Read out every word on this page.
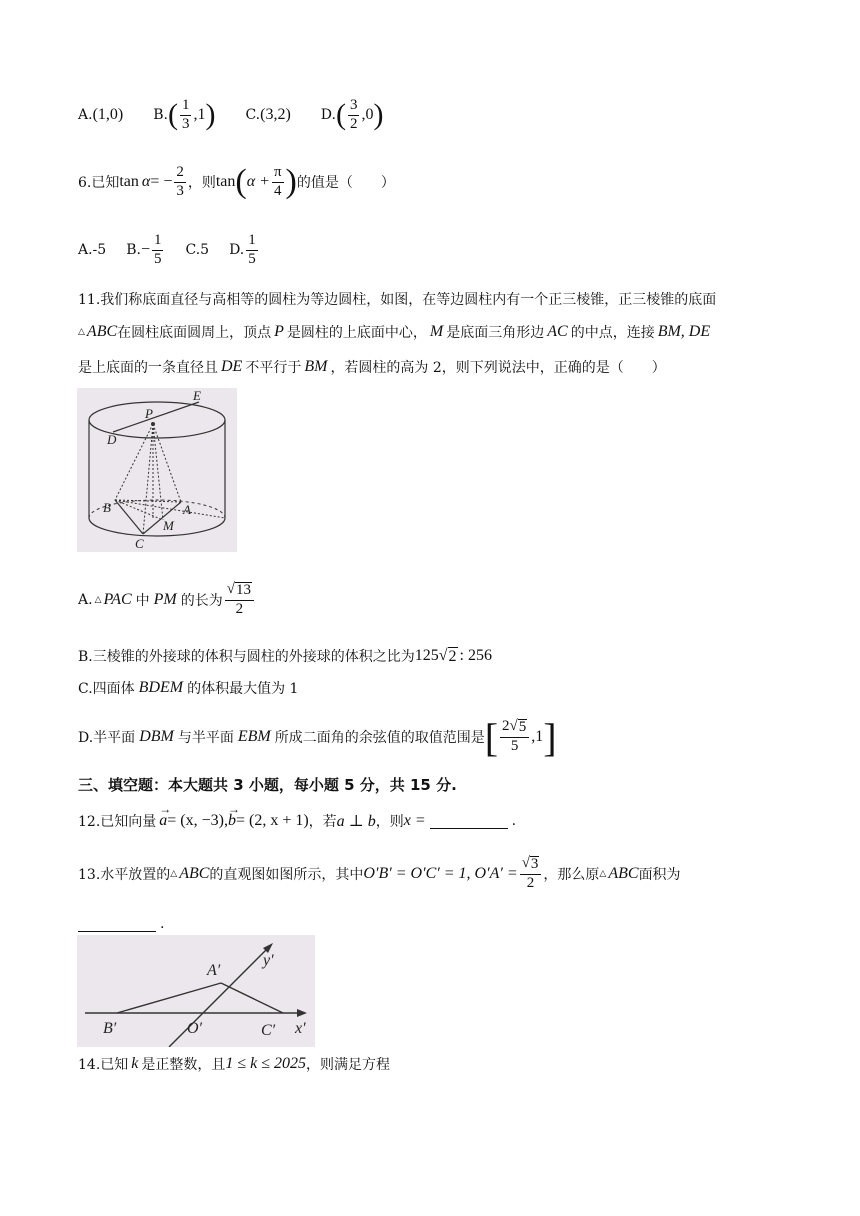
A. ( 1,0 ) B. ( $\frac{1}{3} ,1$ ) C. ( 3,2 ) D. ( $\frac{3}{2} ,0$ )
6.已知 tan α = − $\frac{2}{3}$ ，则 tan ( $\alpha + \frac{\pi}{4}$ ) 的值是（　　）
A.-5 B. − $\frac{1}{5} C.5$ D. $\frac{1}{5}$
11.我们称底面直径与高相等的圆柱为等边圆柱，如图，在等边圆柱内有一个正三棱锥，正三棱锥的底面
△ ABC 在圆柱底面圆周上，顶点 P 是圆柱的上底面中心， M 是底面三角形边 AC 的中点，连接 BM, DE
是上底面的一条直径且 DE 不平行于 BM ，若圆柱的高为 2，则下列说法中，正确的是（　　）
E
P
D
B	A
M
C
A. △ PAC 中 PM 的长为 $\frac{√ 13}{2}$
B.三棱锥的外接球的体积与圆柱的外接球的体积之比为 125 √ 2 : 256
C.四面体 BDEM 的体积最大值为 1
D.半平面 DBM 与半平面 EBM 所成二面角的余弦值的取值范围是 [ $\frac{2√ 5}{5} ,1$ ]
三、填空题：本大题共 3 小题，每小题 5 分，共 15 分.
12.已知向量
→
a = (x, −3),
→
b = (2, x + 1) ，若 a ⊥ b ，则 x =	.
13.水平放置的 △ ABC 的直观图如图所示，其中 O′B′ = O′C′ = 1, $O'A' = \frac{√ 3}{2}$ ，那么原 △ ABC 面积为
.
y′
A′
B′	O′	C′ x′
14.已知 k 是正整数，且 1 ≤ k ≤ 2025 ，则满足方程
